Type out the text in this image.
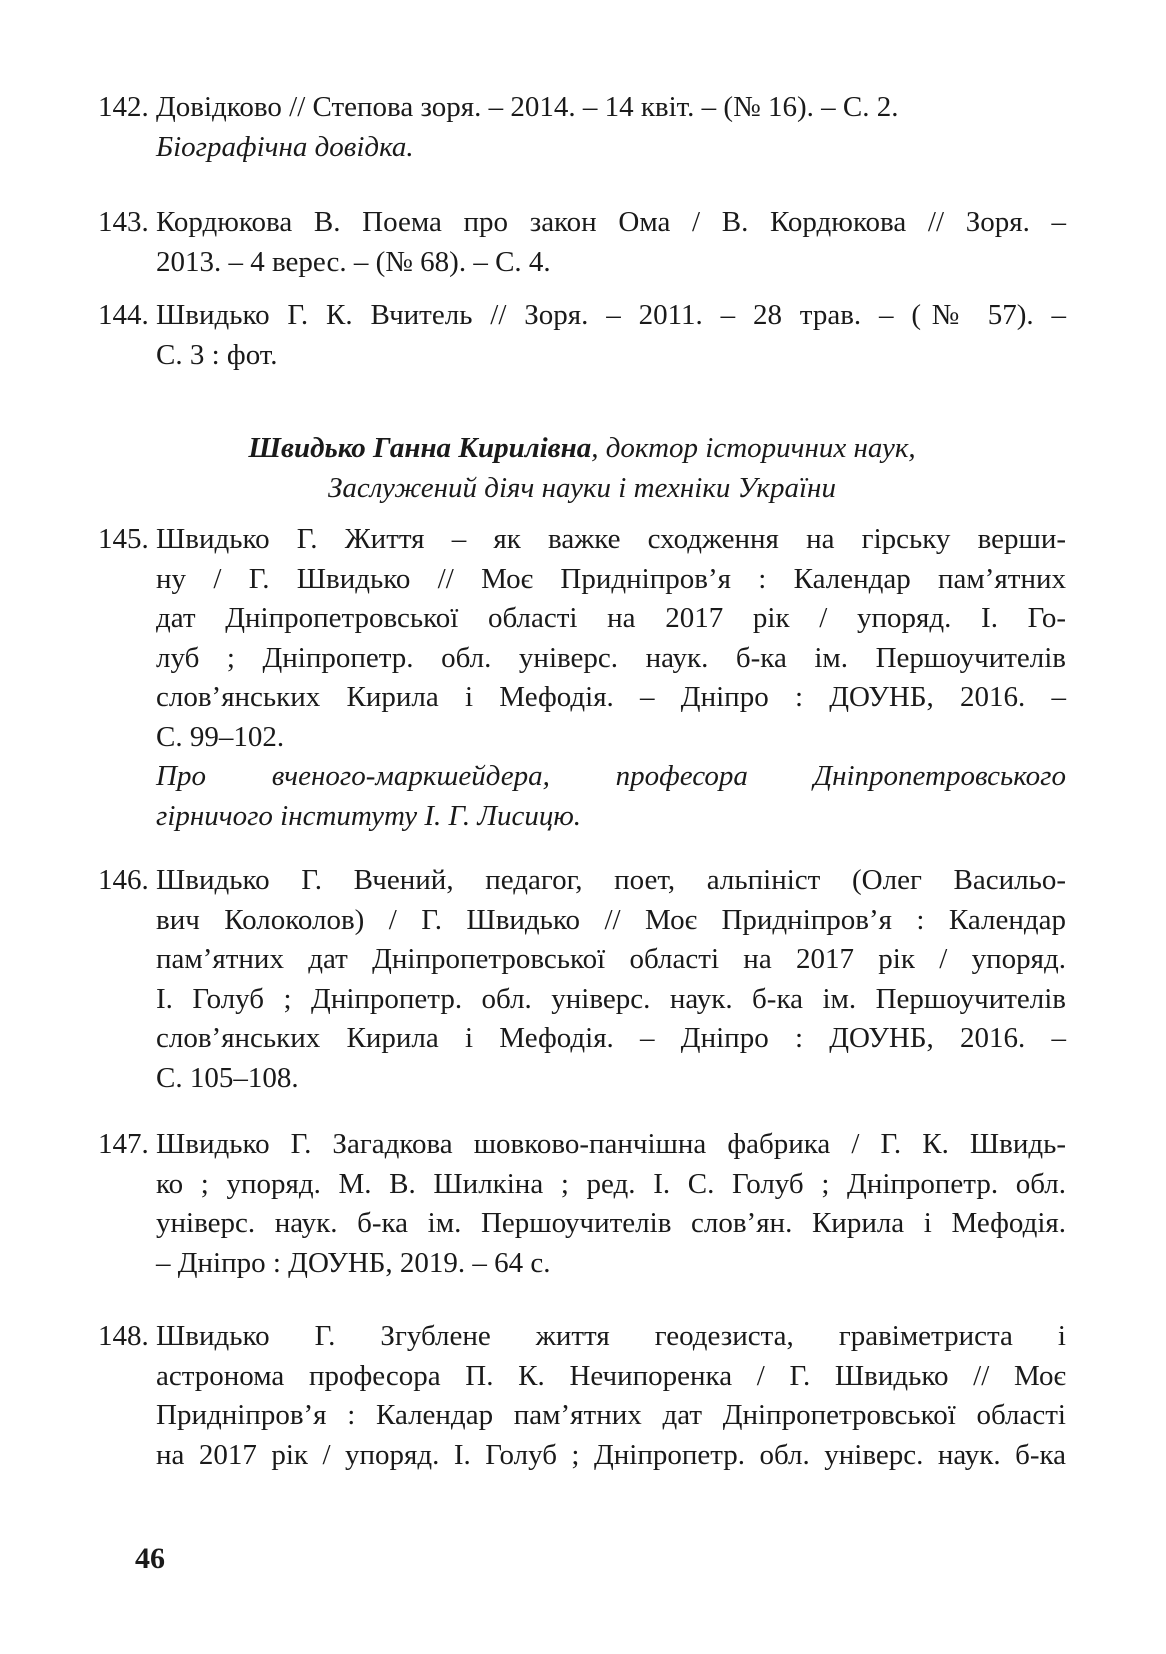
142. Довідково // Степова зоря. – 2014. – 14 квіт. – (№ 16). – С. 2.
Біографічна довідка.
143. Кордюкова В. Поема про закон Ома / В. Кордюкова // Зоря. –
2013. – 4 верес. – (№ 68). – С. 4.
144. Швидько Г. К. Вчитель // Зоря. – 2011. – 28 трав. – (№ 57). –
С. 3 : фот.
Швидько Ганна Кирилівна, доктор історичних наук,
Заслужений діяч науки і техніки України
145. Швидько Г. Життя – як важке сходження на гірську верши-
ну / Г. Швидько // Моє Придніпров’я : Календар пам’ятних
дат Дніпропетровської області на 2017 рік / упоряд. І. Го-
луб ; Дніпропетр. обл. універс. наук. б-ка ім. Першоучителів
слов’янських Кирила і Мефодія. – Дніпро : ДОУНБ, 2016. –
С. 99–102.
Про вченого-маркшейдера, професора Дніпропетровського
гірничого інституту І. Г. Лисицю.
146. Швидько Г. Вчений, педагог, поет, альпініст (Олег Васильо-
вич Колоколов) / Г. Швидько // Моє Придніпров’я : Календар
пам’ятних дат Дніпропетровської області на 2017 рік / упоряд.
І. Голуб ; Дніпропетр. обл. універс. наук. б-ка ім. Першоучителів
слов’янських Кирила і Мефодія. – Дніпро : ДОУНБ, 2016. –
С. 105–108.
147. Швидько Г. Загадкова шовково-панчішна фабрика / Г. К. Швидь-
ко ; упоряд. М. В. Шилкіна ; ред. І. С. Голуб ; Дніпропетр. обл.
універс. наук. б-ка ім. Першоучителів слов’ян. Кирила і Мефодія.
– Дніпро : ДОУНБ, 2019. – 64 с.
148. Швидько Г. Згублене життя геодезиста, гравіметриста і
астронома професора П. К. Нечипоренка / Г. Швидько // Моє
Придніпров’я : Календар пам’ятних дат Дніпропетровської області
на 2017 рік / упоряд. І. Голуб ; Дніпропетр. обл. універс. наук. б-ка
46
